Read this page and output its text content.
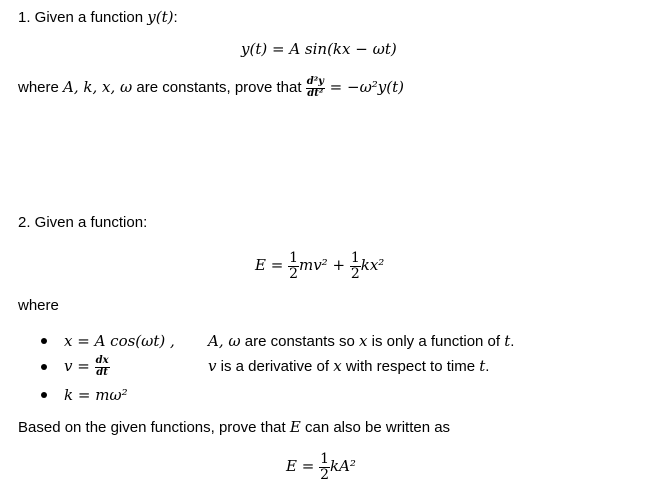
1. Given a function y(t):
y(t) = A sin(kx − ωt)
where A, k, x, ω are constants, prove that $\frac{\text{d²y}}{\text{dt²}} = -\omega^2y(t)$
2. Given a function:
$E = \frac{1}{2} mv^2 + \frac{1}{2} kx^2$
where
x = A cos(ωt) , A, ω are constants so x is only a function of t.
$v = \frac{dx}{dt}$	v is a derivative of x with respect to time t.
k = mω²
Based on the given functions, prove that E can also be written as
$E = \frac{1}{2} kA^2$
